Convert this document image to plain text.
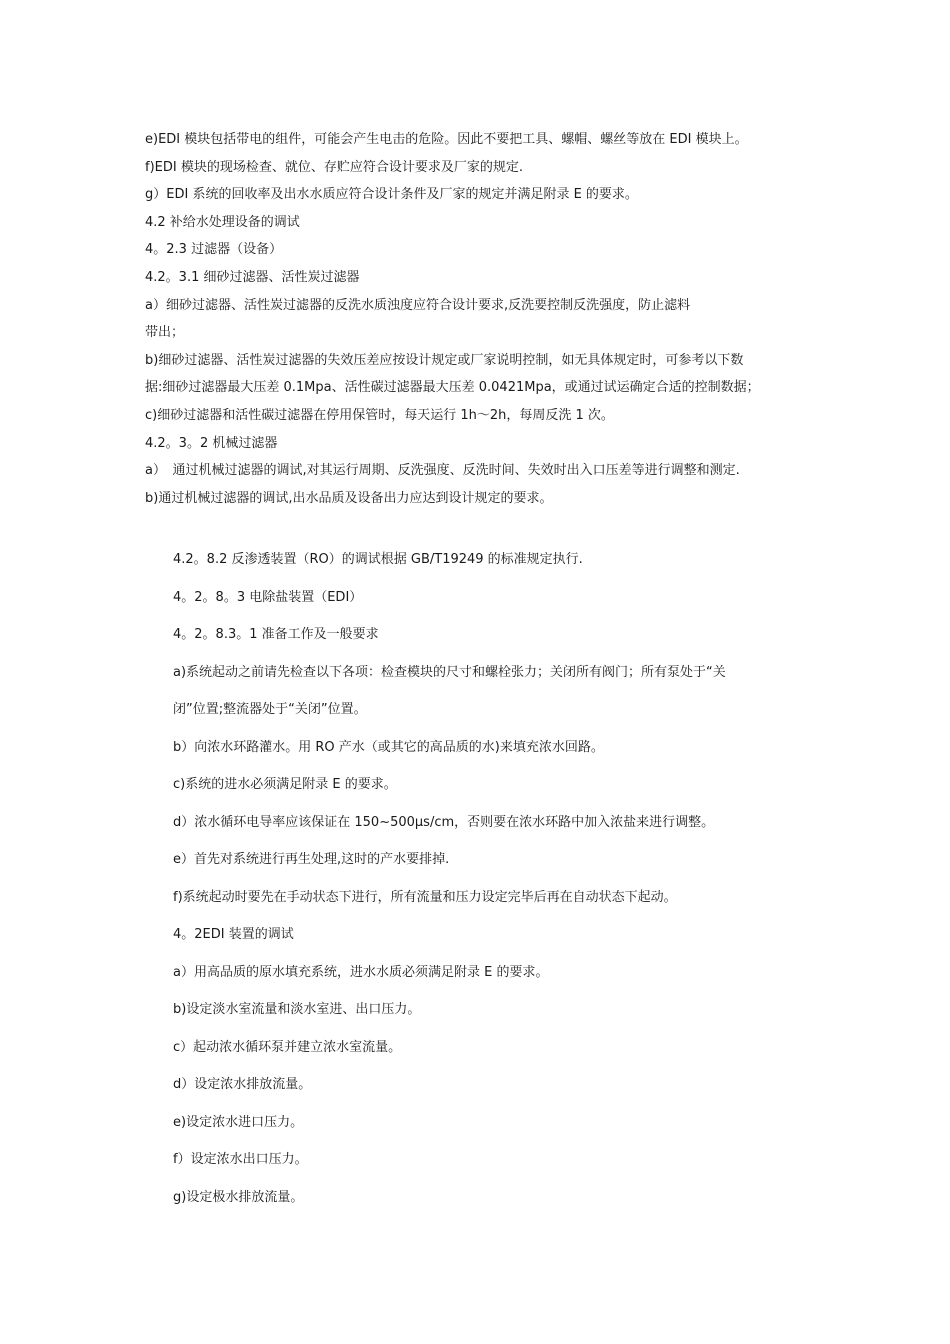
e)EDI 模块包括带电的组件，可能会产生电击的危险。因此不要把工具、螺帽、螺丝等放在 EDI 模块上。
f)EDI 模块的现场检查、就位、存贮应符合设计要求及厂家的规定.
g）EDI 系统的回收率及出水水质应符合设计条件及厂家的规定并满足附录 E 的要求。
4.2 补给水处理设备的调试
4。2.3 过滤器（设备）
4.2。3.1 细砂过滤器、活性炭过滤器
a）细砂过滤器、活性炭过滤器的反洗水质浊度应符合设计要求,反洗要控制反洗强度，防止滤料
带出；
b)细砂过滤器、活性炭过滤器的失效压差应按设计规定或厂家说明控制，如无具体规定时，可参考以下数
据:细砂过滤器最大压差 0.1Mpa、活性碳过滤器最大压差 0.0421Mpa，或通过试运确定合适的控制数据；
c)细砂过滤器和活性碳过滤器在停用保管时，每天运行 1h～2h，每周反洗 1 次。
4.2。3。2 机械过滤器
a）　通过机械过滤器的调试,对其运行周期、反洗强度、反洗时间、失效时出入口压差等进行调整和测定.
b)通过机械过滤器的调试,出水品质及设备出力应达到设计规定的要求。
4.2。8.2 反渗透装置（RO）的调试根据 GB/T19249 的标准规定执行.
4。2。8。3 电除盐装置（EDI）
4。2。8.3。1 准备工作及一般要求
a)系统起动之前请先检查以下各项：检查模块的尺寸和螺栓张力；关闭所有阀门；所有泵处于“关
闭”位置;整流器处于“关闭”位置。
b）向浓水环路灌水。用 RO 产水（或其它的高品质的水)来填充浓水回路。
c)系统的进水必须满足附录 E 的要求。
d）浓水循环电导率应该保证在 150~500μs/cm，否则要在浓水环路中加入浓盐来进行调整。
e）首先对系统进行再生处理,这时的产水要排掉.
f)系统起动时要先在手动状态下进行，所有流量和压力设定完毕后再在自动状态下起动。
4。2EDI 装置的调试
a）用高品质的原水填充系统，进水水质必须满足附录 E 的要求。
b)设定淡水室流量和淡水室进、出口压力。
c）起动浓水循环泵并建立浓水室流量。
d）设定浓水排放流量。
e)设定浓水进口压力。
f）设定浓水出口压力。
g)设定极水排放流量。
